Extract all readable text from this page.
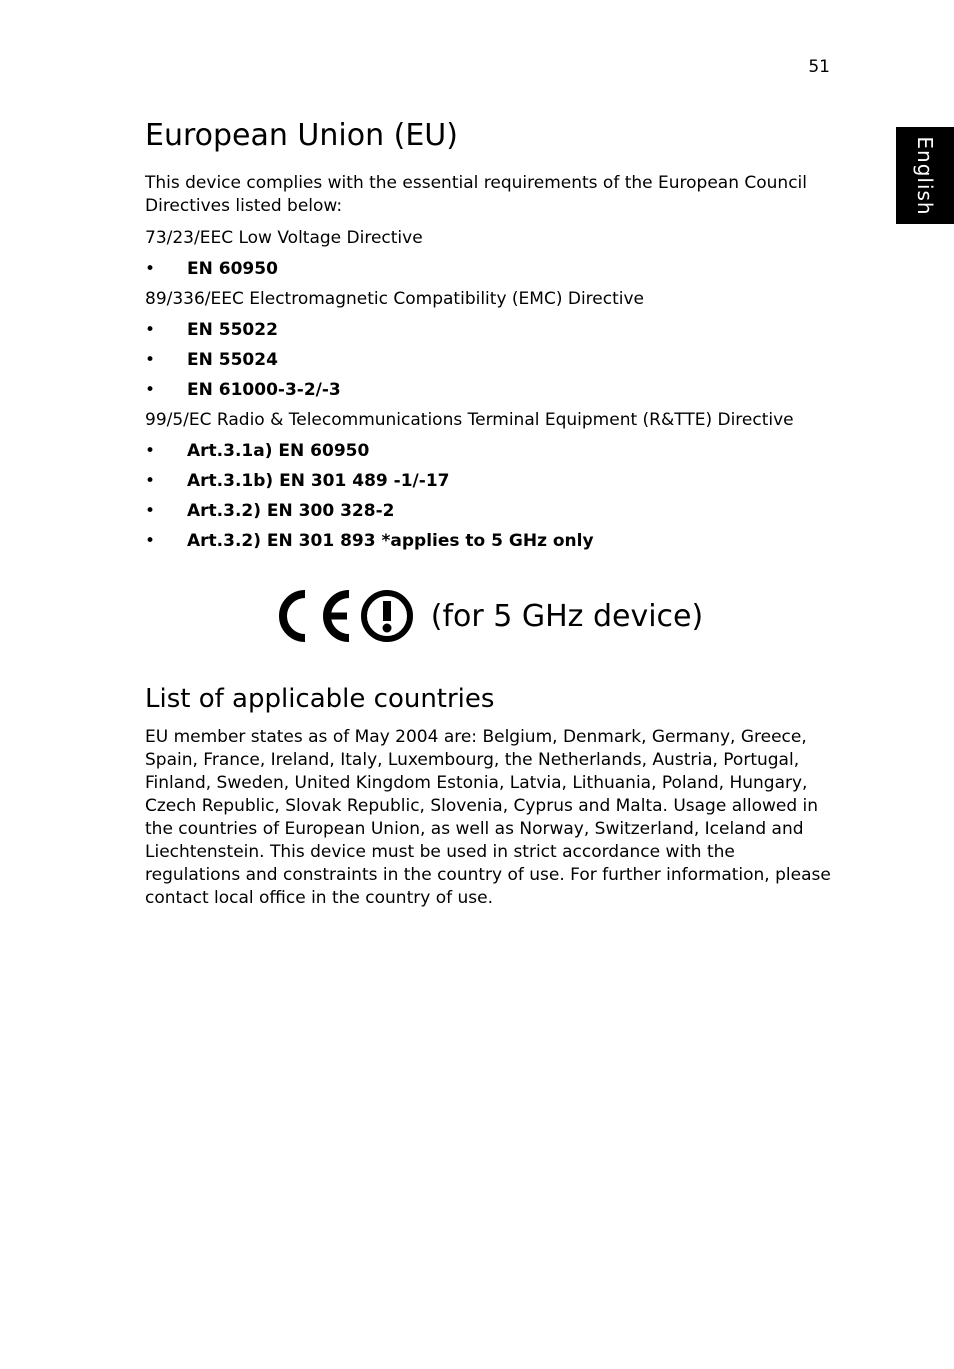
51
English
European Union (EU)

This device complies with the essential requirements of the European Council Directives listed below:

73/23/EEC Low Voltage Directive

• EN 60950

89/336/EEC Electromagnetic Compatibility (EMC) Directive

• EN 55022
• EN 55024
• EN 61000-3-2/-3

99/5/EC Radio & Telecommunications Terminal Equipment (R&TTE) Directive

• Art.3.1a) EN 60950
• Art.3.1b) EN 301 489 -1/-17
• Art.3.2) EN 300 328-2
• Art.3.2) EN 301 893 *applies to 5 GHz only
(for 5 GHz device)
List of applicable countries

EU member states as of May 2004 are: Belgium, Denmark, Germany, Greece, Spain, France, Ireland, Italy, Luxembourg, the Netherlands, Austria, Portugal, Finland, Sweden, United Kingdom Estonia, Latvia, Lithuania, Poland, Hungary, Czech Republic, Slovak Republic, Slovenia, Cyprus and Malta. Usage allowed in the countries of European Union, as well as Norway, Switzerland, Iceland and Liechtenstein. This device must be used in strict accordance with the regulations and constraints in the country of use. For further information, please contact local office in the country of use.
